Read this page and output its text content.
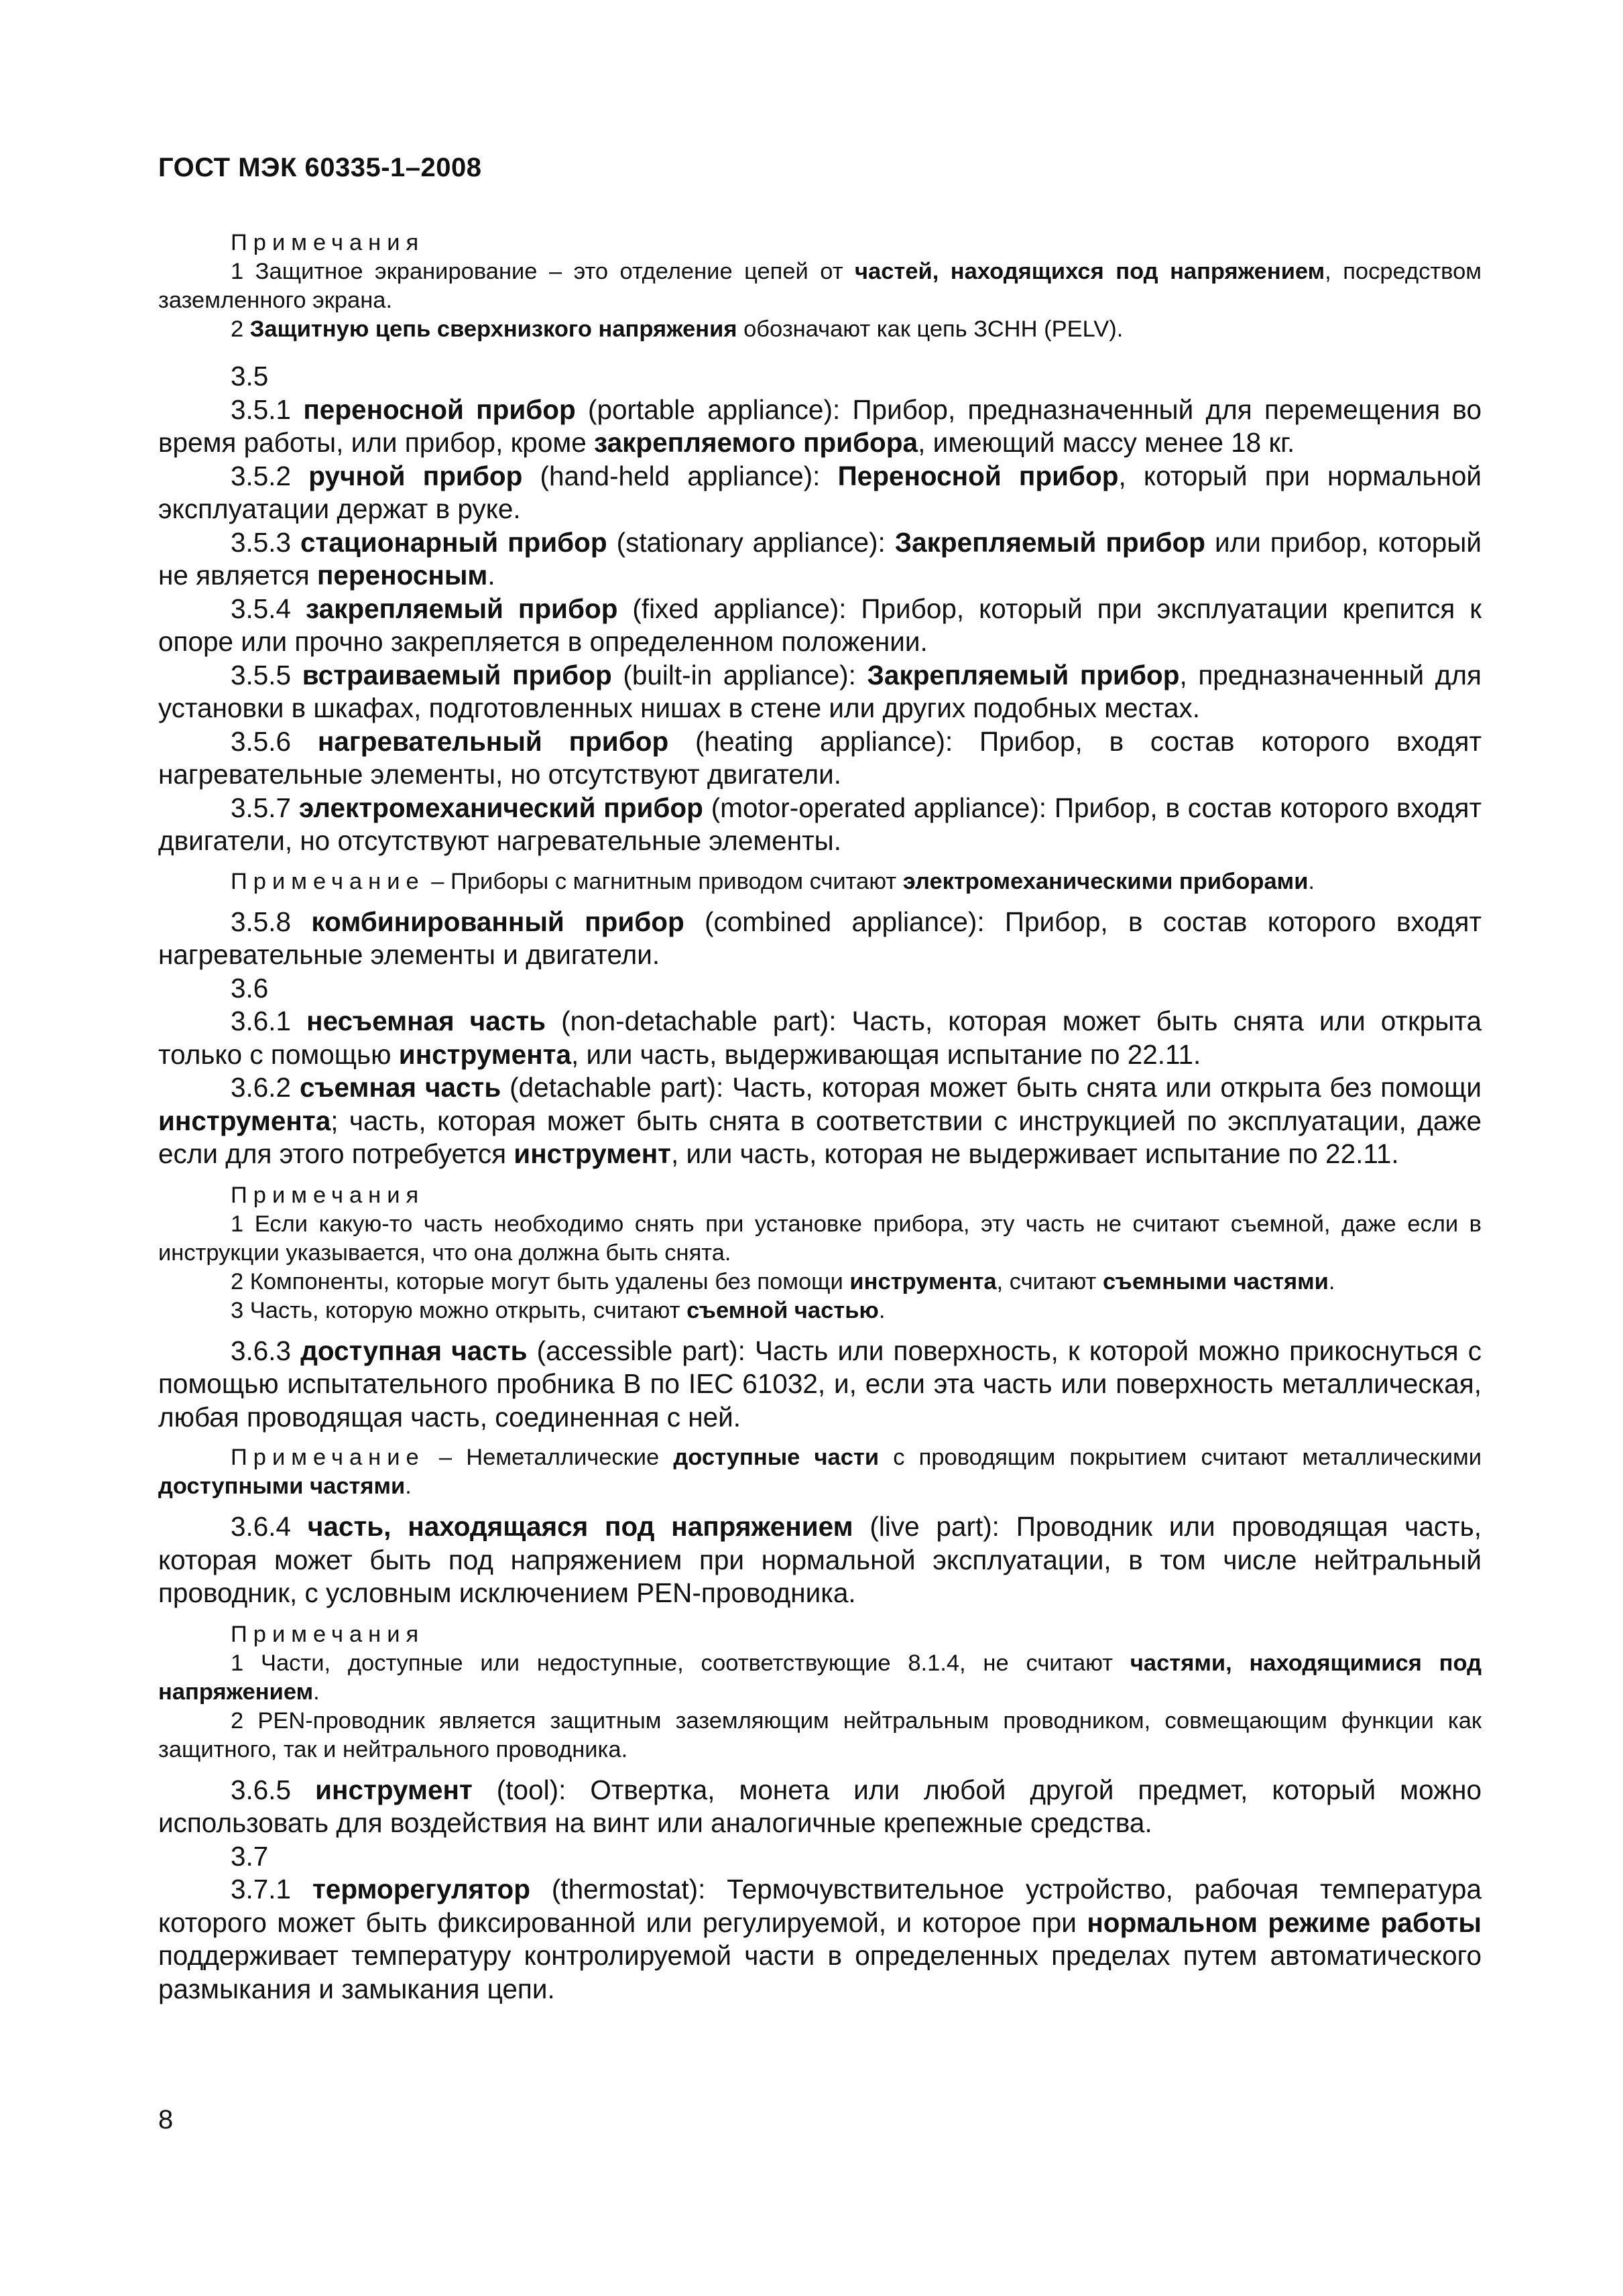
ГОСТ МЭК 60335-1–2008

Примечания

1 Защитное экранирование – это отделение цепей от частей, находящихся под напряжением, посредством заземленного экрана.

2 Защитную цепь сверхнизкого напряжения обозначают как цепь ЗСНН (PELV).

3.5

3.5.1 переносной прибор (portable appliance): Прибор, предназначенный для перемещения во время работы, или прибор, кроме закрепляемого прибора, имеющий массу менее 18 кг.

3.5.2 ручной прибор (hand-held appliance): Переносной прибор, который при нормальной эксплуатации держат в руке.

3.5.3 стационарный прибор (stationary appliance): Закрепляемый прибор или прибор, который не является переносным.

3.5.4 закрепляемый прибор (fixed appliance): Прибор, который при эксплуатации крепится к опоре или прочно закрепляется в определенном положении.

3.5.5 встраиваемый прибор (built-in appliance): Закрепляемый прибор, предназначенный для установки в шкафах, подготовленных нишах в стене или других подобных местах.

3.5.6 нагревательный прибор (heating appliance): Прибор, в состав которого входят нагревательные элементы, но отсутствуют двигатели.

3.5.7 электромеханический прибор (motor-operated appliance): Прибор, в состав которого входят двигатели, но отсутствуют нагревательные элементы.

Примечание – Приборы с магнитным приводом считают электромеханическими приборами.

3.5.8 комбинированный прибор (combined appliance): Прибор, в состав которого входят нагревательные элементы и двигатели.

3.6

3.6.1 несъемная часть (non-detachable part): Часть, которая может быть снята или открыта только с помощью инструмента, или часть, выдерживающая испытание по 22.11.

3.6.2 съемная часть (detachable part): Часть, которая может быть снята или открыта без помощи инструмента; часть, которая может быть снята в соответствии с инструкцией по эксплуатации, даже если для этого потребуется инструмент, или часть, которая не выдерживает испытание по 22.11.

Примечания

1 Если какую-то часть необходимо снять при установке прибора, эту часть не считают съемной, даже если в инструкции указывается, что она должна быть снята.

2 Компоненты, которые могут быть удалены без помощи инструмента, считают съемными частями.

3 Часть, которую можно открыть, считают съемной частью.

3.6.3 доступная часть (accessible part): Часть или поверхность, к которой можно прикоснуться с помощью испытательного пробника В по IEC 61032, и, если эта часть или поверхность металлическая, любая проводящая часть, соединенная с ней.

Примечание – Неметаллические доступные части с проводящим покрытием считают металлическими доступными частями.

3.6.4 часть, находящаяся под напряжением (live part): Проводник или проводящая часть, которая может быть под напряжением при нормальной эксплуатации, в том числе нейтральный проводник, с условным исключением PEN-проводника.

Примечания

1 Части, доступные или недоступные, соответствующие 8.1.4, не считают частями, находящимися под напряжением.

2 PEN-проводник является защитным заземляющим нейтральным проводником, совмещающим функции как защитного, так и нейтрального проводника.

3.6.5 инструмент (tool): Отвертка, монета или любой другой предмет, который можно использовать для воздействия на винт или аналогичные крепежные средства.

3.7

3.7.1 терморегулятор (thermostat): Термочувствительное устройство, рабочая температура которого может быть фиксированной или регулируемой, и которое при нормальном режиме работы поддерживает температуру контролируемой части в определенных пределах путем автоматического размыкания и замыкания цепи.

8
